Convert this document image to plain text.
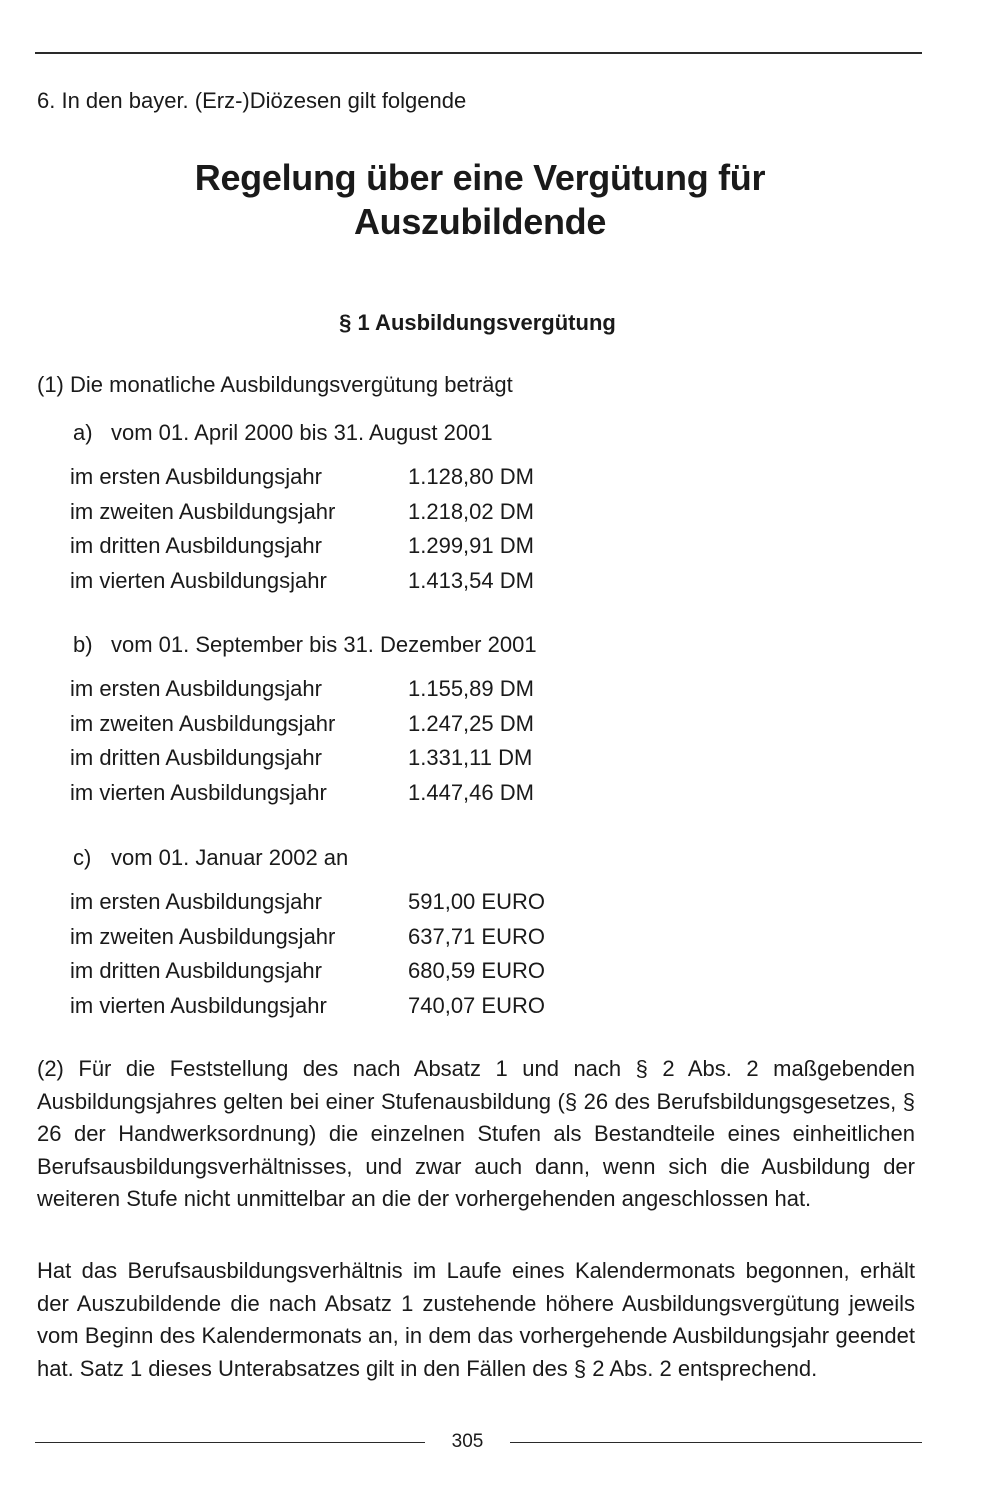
6. In den bayer. (Erz-)Diözesen gilt folgende
Regelung über eine Vergütung für
Auszubildende
§ 1 Ausbildungsvergütung
(1) Die monatliche Ausbildungsvergütung beträgt
a) vom 01. April 2000 bis 31. August 2001
im ersten Ausbildungsjahr	1.128,80 DM
im zweiten Ausbildungsjahr	1.218,02 DM
im dritten Ausbildungsjahr	1.299,91 DM
im vierten Ausbildungsjahr	1.413,54 DM
b) vom 01. September bis 31. Dezember 2001
im ersten Ausbildungsjahr	1.155,89 DM
im zweiten Ausbildungsjahr	1.247,25 DM
im dritten Ausbildungsjahr	1.331,11 DM
im vierten Ausbildungsjahr	1.447,46 DM
c) vom 01. Januar 2002 an
im ersten Ausbildungsjahr	591,00 EURO
im zweiten Ausbildungsjahr	637,71 EURO
im dritten Ausbildungsjahr	680,59 EURO
im vierten Ausbildungsjahr	740,07 EURO

(2) Für die Feststellung des nach Absatz 1 und nach § 2 Abs. 2 maßgebenden Ausbildungsjahres gelten bei einer Stufenausbildung (§ 26 des Berufsbildungsgesetzes, § 26 der Handwerksordnung) die einzelnen Stufen als Bestandteile eines einheitlichen Berufsausbildungsverhältnisses, und zwar auch dann, wenn sich die Ausbildung der weiteren Stufe nicht unmittelbar an die der vorhergehenden angeschlossen hat.

Hat das Berufsausbildungsverhältnis im Laufe eines Kalendermonats begonnen, erhält der Auszubildende die nach Absatz 1 zustehende höhere Ausbildungsvergütung jeweils vom Beginn des Kalendermonats an, in dem das vorhergehende Ausbildungsjahr geendet hat. Satz 1 dieses Unterabsatzes gilt in den Fällen des § 2 Abs. 2 entsprechend.

305
